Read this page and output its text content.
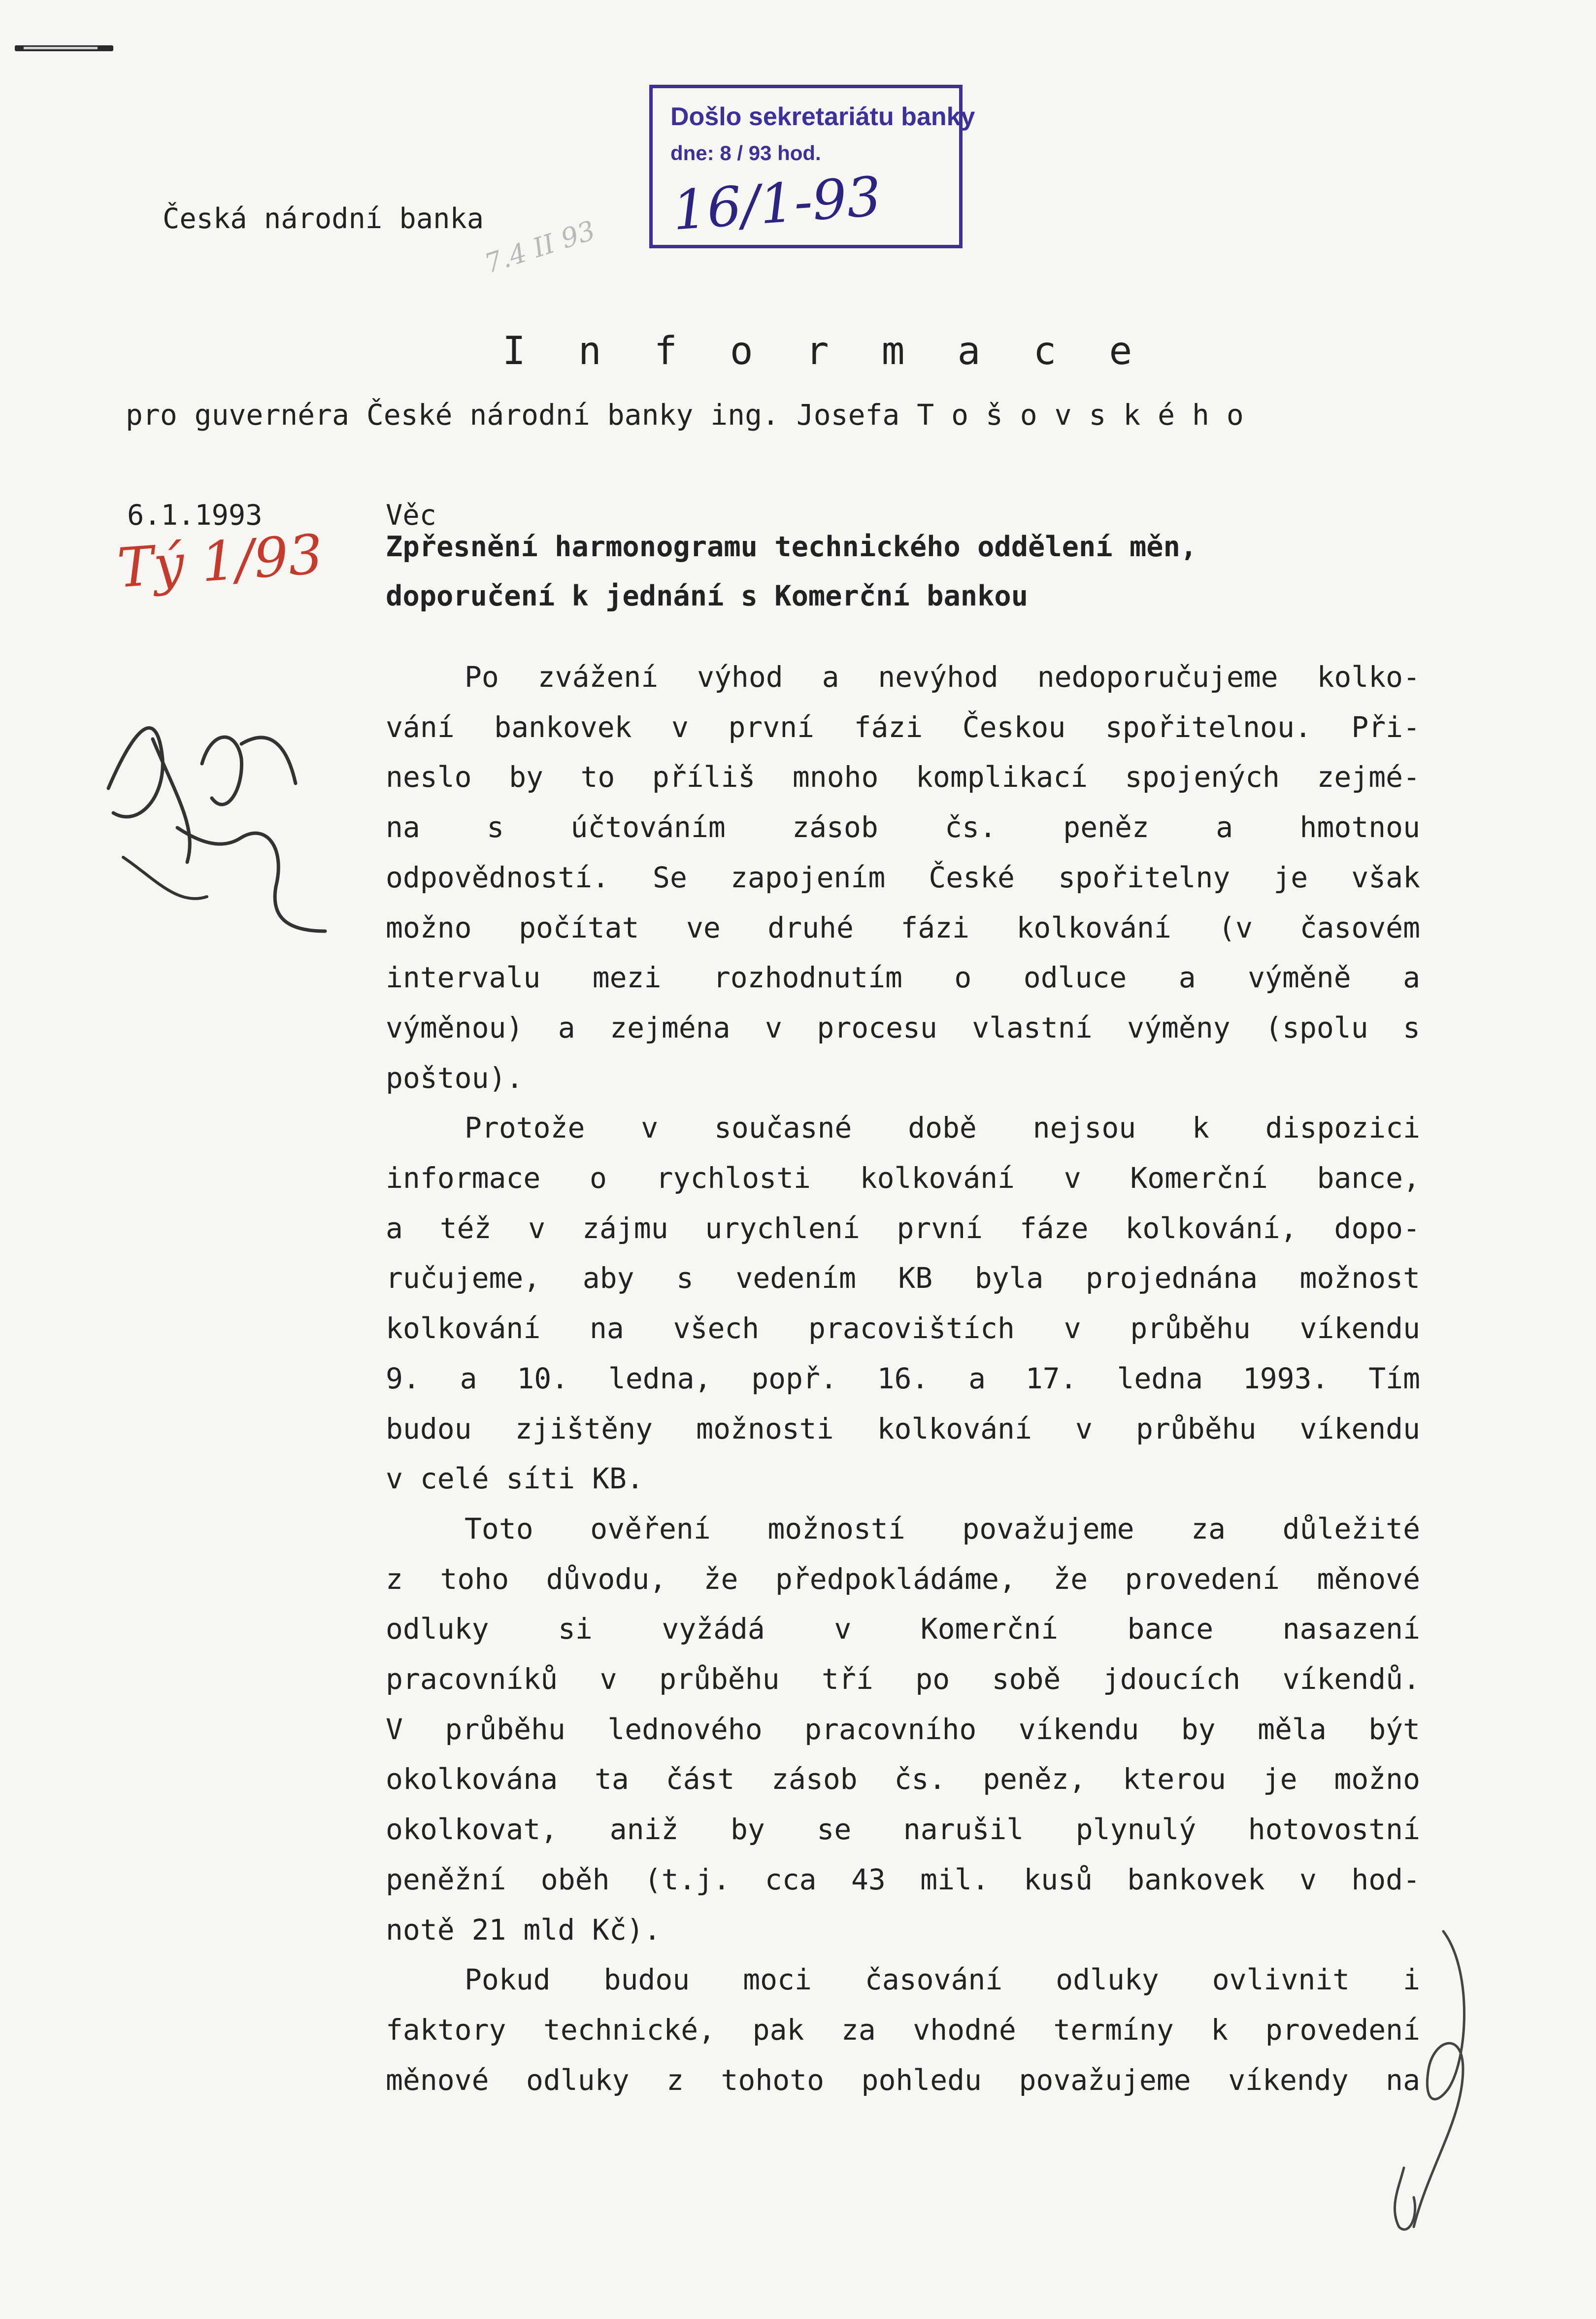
Česká národní banka
Došlo sekretariátu banky
dne: 8 / 93 hod.
16/1-93
7.4 II 93
I n f o r m a c e
pro guvernéra České národní banky ing. Josefa T o š o v s k é h o
6.1.1993	Věc
Zpřesnění harmonogramu technického oddělení měn,
doporučení k jednání s Komerční bankou
Tý 1/93
Po zvážení výhod a nevýhod nedoporučujeme kolko-
vání bankovek v první fázi Českou spořitelnou. Při-
neslo by to příliš mnoho komplikací spojených zejmé-
na s účtováním zásob čs. peněz a hmotnou
odpovědností. Se zapojením České spořitelny je však
možno počítat ve druhé fázi kolkování (v časovém
intervalu mezi rozhodnutím o odluce a výměně a
výměnou) a zejména v procesu vlastní výměny (spolu s
poštou).
Protože v současné době nejsou k dispozici
informace o rychlosti kolkování v Komerční bance,
a též v zájmu urychlení první fáze kolkování, dopo-
ručujeme, aby s vedením KB byla projednána možnost
kolkování na všech pracovištích v průběhu víkendu
9. a 10. ledna, popř. 16. a 17. ledna 1993. Tím
budou zjištěny možnosti kolkování v průběhu víkendu
v celé síti KB.
Toto ověření možností považujeme za důležité
z toho důvodu, že předpokládáme, že provedení měnové
odluky si vyžádá v Komerční bance nasazení
pracovníků v průběhu tří po sobě jdoucích víkendů.
V průběhu lednového pracovního víkendu by měla být
okolkována ta část zásob čs. peněz, kterou je možno
okolkovat, aniž by se narušil plynulý hotovostní
peněžní oběh (t.j. cca 43 mil. kusů bankovek v hod-
notě 21 mld Kč).
Pokud budou moci časování odluky ovlivnit i
faktory technické, pak za vhodné termíny k provedení
měnové odluky z tohoto pohledu považujeme víkendy na
